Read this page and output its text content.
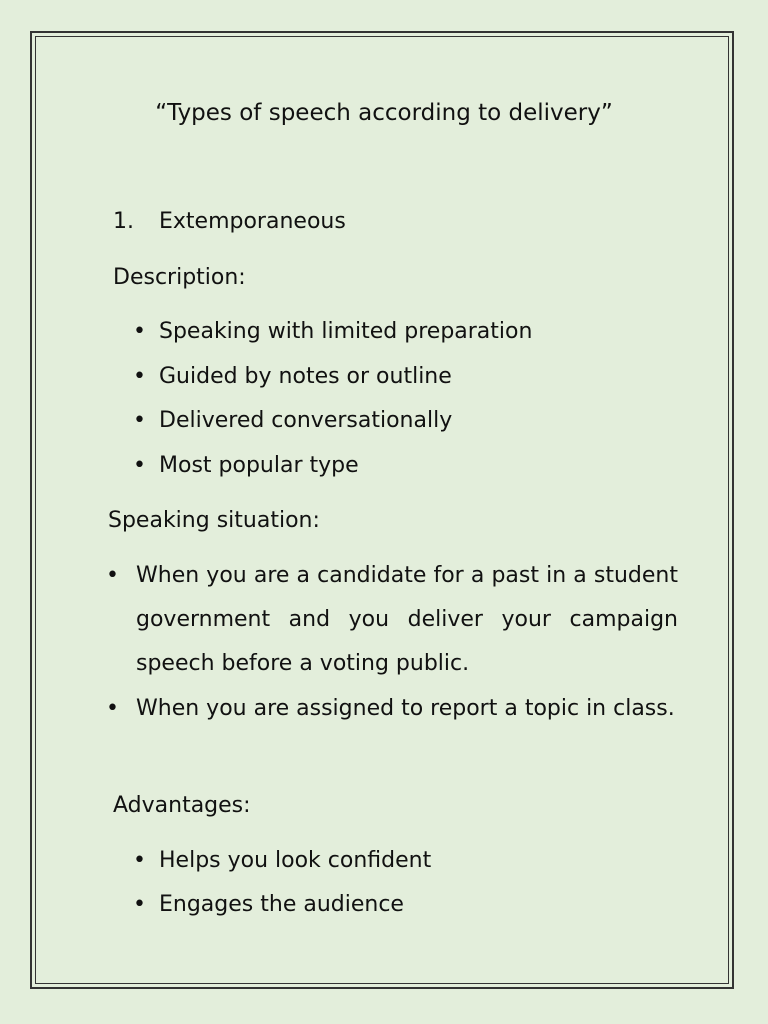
“Types of speech according to delivery”
1. Extemporaneous
Description:
• Speaking with limited preparation
• Guided by notes or outline
• Delivered conversationally
• Most popular type
Speaking situation:
• When you are a candidate for a past in a student government and you deliver your campaign speech before a voting public.
• When you are assigned to report a topic in class.
Advantages:
• Helps you look confident
• Engages the audience
